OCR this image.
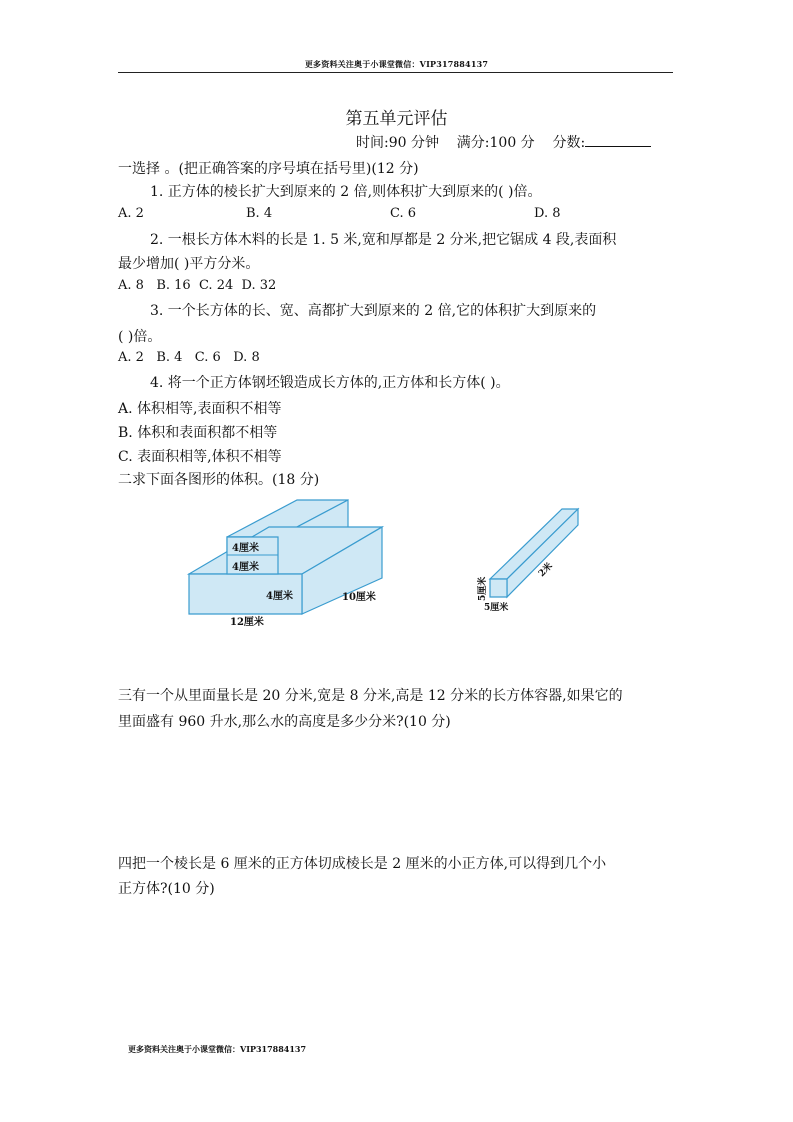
更多资料关注奥于小课堂微信：VIP317884137
第五单元评估
时间:90 分钟 满分:100 分 分数:
一选择 。(把正确答案的序号填在括号里)(12 分)
1. 正方体的棱长扩大到原来的 2 倍,则体积扩大到原来的( )倍。
A. 2	B. 4	C. 6	D. 8
2. 一根长方体木料的长是 1. 5 米,宽和厚都是 2 分米,把它锯成 4 段,表面积
最少增加( )平方分米。
A. 8   B. 16  C. 24  D. 32
3. 一个长方体的长、宽、高都扩大到原来的 2 倍,它的体积扩大到原来的
( )倍。
A. 2   B. 4   C. 6   D. 8
4. 将一个正方体钢坯锻造成长方体的,正方体和长方体( )。
A. 体积相等,表面积不相等
B. 体积和表面积都不相等
C. 表面积相等,体积不相等
二求下面各图形的体积。(18 分)
4厘米
4厘米
4厘米	10厘米
12厘米
5厘米
5厘米
2米
三有一个从里面量长是 20 分米,宽是 8 分米,高是 12 分米的长方体容器,如果它的
里面盛有 960 升水,那么水的高度是多少分米?(10 分)
四把一个棱长是 6 厘米的正方体切成棱长是 2 厘米的小正方体,可以得到几个小
正方体?(10 分)
更多资料关注奥于小课堂微信：VIP317884137
